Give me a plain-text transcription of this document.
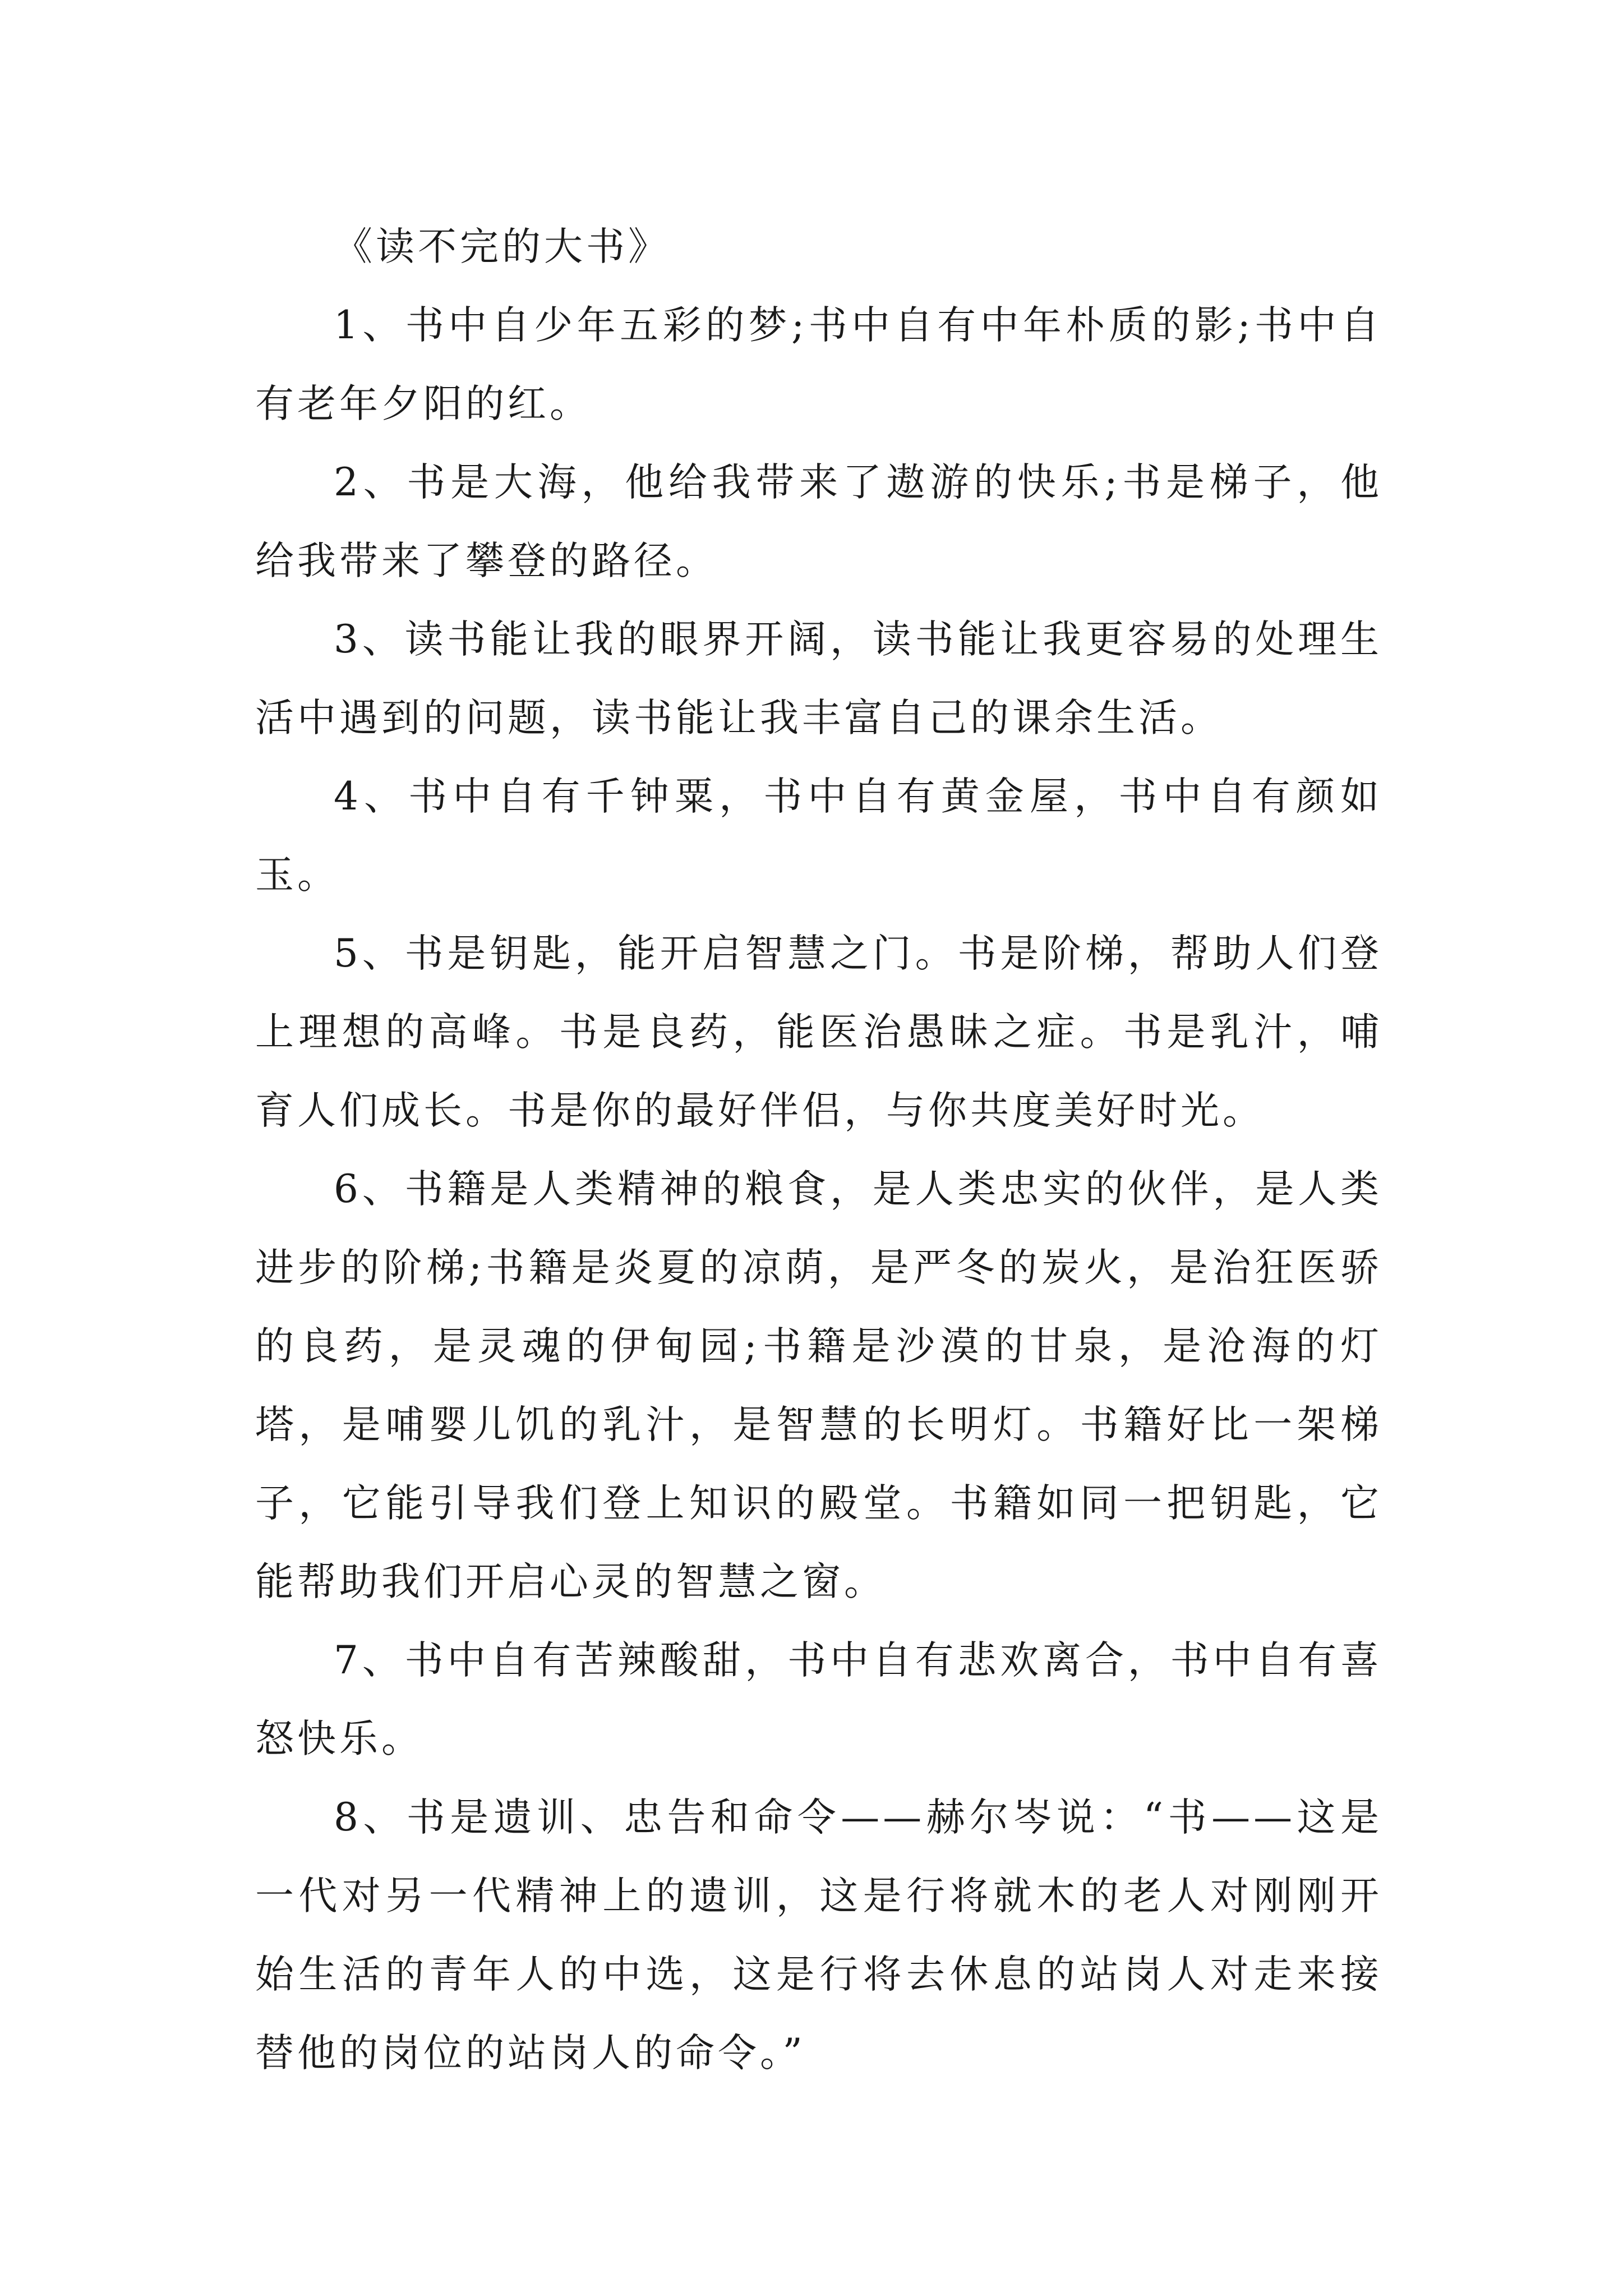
《读不完的大书》

1、书中自少年五彩的梦;书中自有中年朴质的影;书中自有老年夕阳的红。

2、书是大海，他给我带来了遨游的快乐;书是梯子，他给我带来了攀登的路径。

3、读书能让我的眼界开阔，读书能让我更容易的处理生活中遇到的问题，读书能让我丰富自己的课余生活。

4、书中自有千钟粟，书中自有黄金屋，书中自有颜如玉。

5、书是钥匙，能开启智慧之门。书是阶梯，帮助人们登上理想的高峰。书是良药，能医治愚昧之症。书是乳汁，哺育人们成长。书是你的最好伴侣，与你共度美好时光。

6、书籍是人类精神的粮食，是人类忠实的伙伴，是人类进步的阶梯;书籍是炎夏的凉荫，是严冬的炭火，是治狂医骄的良药，是灵魂的伊甸园;书籍是沙漠的甘泉，是沧海的灯塔，是哺婴儿饥的乳汁，是智慧的长明灯。书籍好比一架梯子，它能引导我们登上知识的殿堂。书籍如同一把钥匙，它能帮助我们开启心灵的智慧之窗。

7、书中自有苦辣酸甜，书中自有悲欢离合，书中自有喜怒快乐。

8、书是遗训、忠告和命令——赫尔岑说：“书——这是一代对另一代精神上的遗训，这是行将就木的老人对刚刚开始生活的青年人的中选，这是行将去休息的站岗人对走来接替他的岗位的站岗人的命令。”
